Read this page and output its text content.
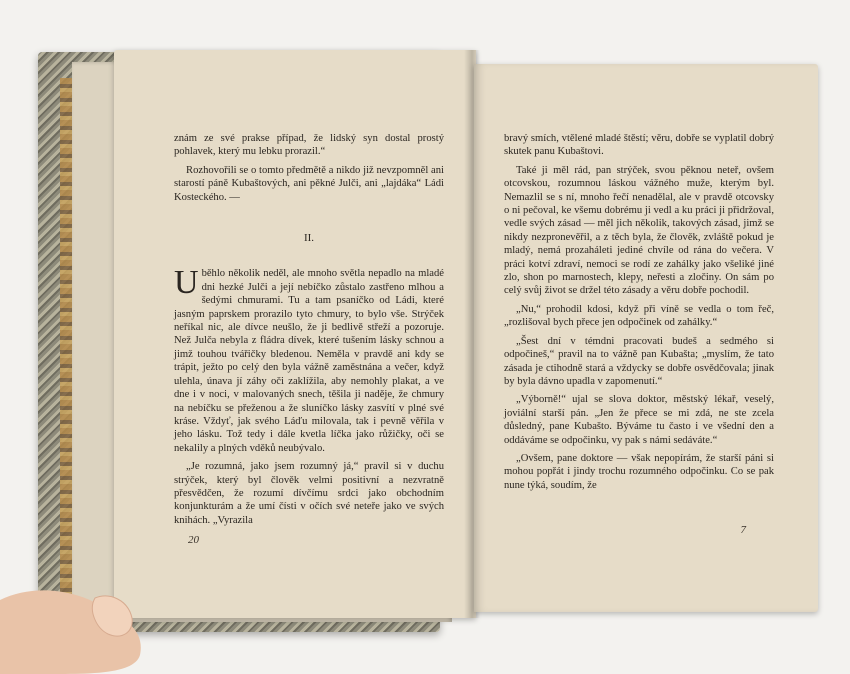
znám ze své prakse případ, že lidský syn dostal prostý pohlavek, který mu lebku prorazil.“

Rozhovořili se o tomto předmětě a nikdo již nevzpomněl ani starostí páně Kubaštových, ani pěkné Julči, ani „lajdáka“ Ládi Kosteckého. —

II.

Uběhlo několik neděl, ale mnoho světla nepadlo na mladé dni hezké Julči a její nebíčko zůstalo zastřeno mlhou a šedými chmurami. Tu a tam psaníčko od Ládi, které jasným paprskem prorazilo tyto chmury, to bylo vše. Strýček neříkal nic, ale dívce neušlo, že ji bedlivě střeží a pozoruje. Než Julča nebyla z fládra dívek, které tušením lásky schnou a jimž touhou tvářičky bledenou. Neměla v pravdě ani kdy se trápit, ježto po celý den byla vážně zaměstnána a večer, když ulehla, únava jí záhy oči zaklížila, aby nemohly plakat, a ve dne i v noci, v malovaných snech, těšila ji naděje, že chmury na nebíčku se přeženou a že sluníčko lásky zasvítí v plné své kráse. Vždyť, jak svého Láďu milovala, tak i pevně věřila v jeho lásku. Tož tedy i dále kvetla líčka jako růžičky, oči se nekalily a plných vděků neubývalo.

„Je rozumná, jako jsem rozumný já,“ pravil si v duchu strýček, který byl člověk velmi positivní a nezvratně přesvědčen, že rozumí dívčímu srdci jako obchodním konjunkturám a že umí čísti v očích své neteře jako ve svých knihách. „Vyrazila

20

bravý smích, vtělené mladé štěstí; věru, dobře se vyplatil dobrý skutek panu Kubaštovi.

Také ji měl rád, pan strýček, svou pěknou neteř, ovšem otcovskou, rozumnou láskou vážného muže, kterým byl. Nemazlil se s ní, mnoho řečí nenadělal, ale v pravdě otcovsky o ni pečoval, ke všemu dobrému ji vedl a ku práci ji přidržoval, vedle svých zásad — měl jich několik, takových zásad, jimž se nikdy nezpronevěřil, a z těch byla, že člověk, zvláště pokud je mladý, nemá prozaháleti jediné chvíle od rána do večera. V práci kotví zdraví, nemoci se rodí ze zahálky jako všeliké jiné zlo, shon po marnostech, klepy, neřesti a zločiny. On sám po celý svůj život se držel této zásady a věru dobře pochodil.

„Nu,“ prohodil kdosi, když při víně se vedla o tom řeč, „rozlišoval bych přece jen odpočinek od zahálky.“

„Šest dní v témdni pracovati budeš a sedmého si odpočineš,“ pravil na to vážně pan Kubašta; „myslím, že tato zásada je ctihodně stará a vždycky se dobře osvědčovala; jinak by byla dávno upadla v zapomenutí.“

„Výborně!“ ujal se slova doktor, městský lékař, veselý, joviální starší pán. „Jen že přece se mi zdá, ne ste zcela důsledný, pane Kubašto. Býváme tu často i ve všední den a oddáváme se odpočinku, vy pak s námi sedáváte.“

„Ovšem, pane doktore — však nepopírám, že starší páni si mohou popřát i jindy trochu rozumného odpočinku. Co se pak nune týká, soudím, že

7
